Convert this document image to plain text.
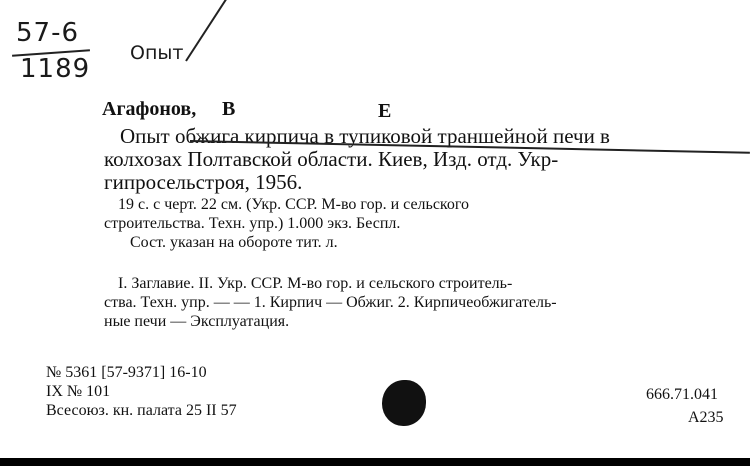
57-6
1189
Опыт
Агафонов, В	Е
Опыт обжига кирпича в тупиковой траншейной печи в
колхозах Полтавской области. Киев, Изд. отд. Укр-
гипросельстроя, 1956.
19 с. с черт. 22 см. (Укр. ССР. М-во гор. и сельского
строительства. Техн. упр.) 1.000 экз. Беспл.
Сост. указан на обороте тит. л.
I. Заглавие. II. Укр. ССР. М-во гор. и сельского строитель-
ства. Техн. упр. — — 1. Кирпич — Обжиг. 2. Кирпичеобжигатель-
ные печи — Эксплуатация.
№ 5361 [57-9371] 16-10
IX № 101
Всесоюз. кн. палата 25 II 57
666.71.041
А235
